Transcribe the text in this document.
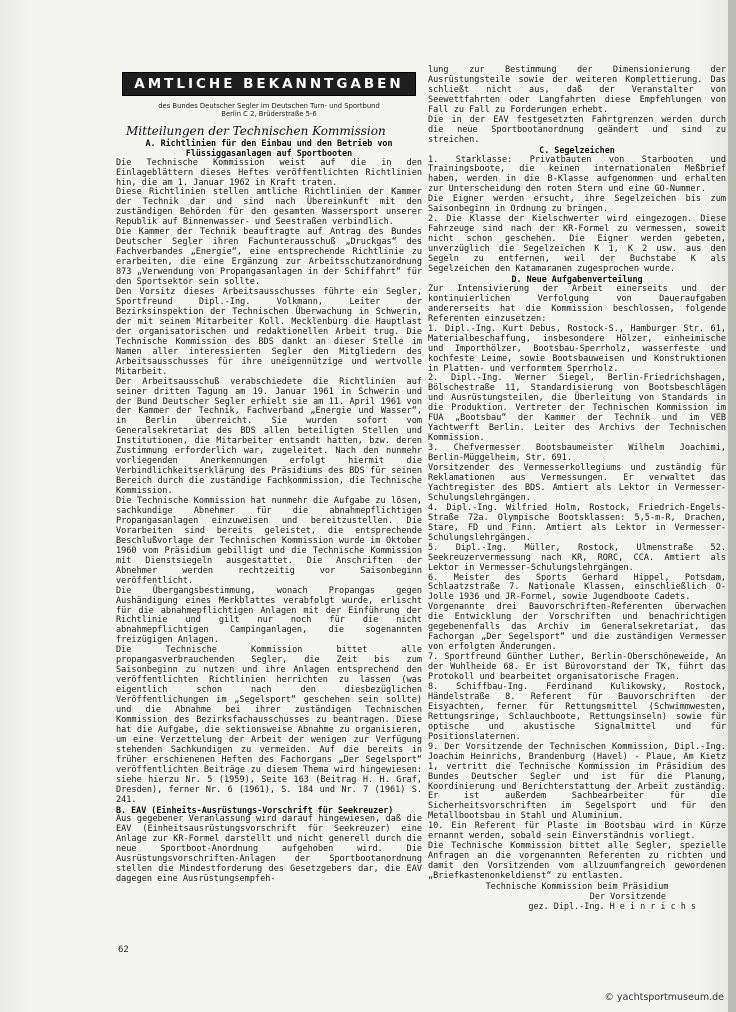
AMTLICHE BEKANNTGABEN
des Bundes Deutscher Segler im Deutschen Turn- und Sportbund
Berlin C 2, Brüderstraße 5-6
Mitteilungen der Technischen Kommission
A. Richtlinien für den Einbau und den Betrieb von Flüssiggasanlagen auf Sportbooten

Die Technische Kommission weist auf die in den Einlageblättern dieses Heftes veröffentlichten Richtlinien hin, die am 1. Januar 1962 in Kraft traten.

Diese Richtlinien stellen amtliche Richtlinien der Kammer der Technik dar und sind nach Übereinkunft mit den zuständigen Behörden für den gesamten Wassersport unserer Republik auf Binnenwasser- und Seestraßen verbindlich.

Die Kammer der Technik beauftragte auf Antrag des Bundes Deutscher Segler ihren Fachunterausschuß „Druckgas“ des Fachverbandes „Energie“, eine entsprechende Richtlinie zu erarbeiten, die eine Ergänzung zur Arbeitsschutzanordnung 873 „Verwendung von Propangasanlagen in der Schiffahrt“ für den Sportsektor sein sollte.

Den Vorsitz dieses Arbeitsausschusses führte ein Segler, Sportfreund Dipl.-Ing. Volkmann, Leiter der Bezirksinspektion der Technischen Überwachung in Schwerin, der mit seinem Mitarbeiter Koll. Mecklenburg die Hauptlast der organisatorischen und redaktionellen Arbeit trug. Die Technische Kommission des BDS dankt an dieser Stelle im Namen aller interessierten Segler den Mitgliedern des Arbeitsausschusses für ihre uneigennützige und wertvolle Mitarbeit.

Der Arbeitsausschuß verabschiedete die Richtlinien auf seiner dritten Tagung am 19. Januar 1961 in Schwerin und der Bund Deutscher Segler erhielt sie am 11. April 1961 von der Kammer der Technik, Fachverband „Energie und Wasser“, in Berlin überreicht. Sie wurden sofort vom Generalsekretariat des BDS allen beteiligten Stellen und Institutionen, die Mitarbeiter entsandt hatten, bzw. deren Zustimmung erforderlich war, zugeleitet. Nach den nunmehr vorliegenden Anerkennungen erfolgt hiermit die Verbindlichkeitserklärung des Präsidiums des BDS für seinen Bereich durch die zuständige Fachkommission, die Technische Kommission.

Die Technische Kommission hat nunmehr die Aufgabe zu lösen, sachkundige Abnehmer für die abnahmepflichtigen Propangasanlagen einzuweisen und bereitzustellen. Die Vorarbeiten sind bereits geleistet, die entsprechende Beschlußvorlage der Technischen Kommission wurde im Oktober 1960 vom Präsidium gebilligt und die Technische Kommission mit Dienstsiegeln ausgestattet. Die Anschriften der Abnehmer werden rechtzeitig vor Saisonbeginn veröffentlicht.

Die Übergangsbestimmung, wonach Propangas gegen Aushändigung eines Merkblattes verabfolgt wurde, erlischt für die abnahmepflichtigen Anlagen mit der Einführung der Richtlinie und gilt nur noch für die nicht abnahmepflichtigen Campinganlagen, die sogenannten freizügigen Anlagen.

Die Technische Kommission bittet alle propangasverbrauchenden Segler, die Zeit bis zum Saisonbeginn zu nutzen und ihre Anlagen entsprechend den veröffentlichten Richtlinien herrichten zu lassen (was eigentlich schon nach den diesbezüglichen Veröffentlichungen im „Segelsport“ geschehen sein sollte) und die Abnahme bei ihrer zuständigen Technischen Kommission des Bezirksfachausschusses zu beantragen. Diese hat die Aufgabe, die sektionsweise Abnahme zu organisieren, um eine Verzettelung der Arbeit der wenigen zur Verfügung stehenden Sachkundigen zu vermeiden. Auf die bereits in früher erschienenen Heften des Fachorgans „Der Segelsport“ veröffentlichten Beiträge zu diesem Thema wird hingewiesen: siehe hierzu Nr. 5 (1959), Seite 163 (Beitrag H. H. Graf, Dresden), ferner Nr. 6 (1961), S. 184 und Nr. 7 (1961) S. 241.

B. EAV (Einheits-Ausrüstungs-Vorschrift für Seekreuzer)

Aus gegebener Veranlassung wird darauf hingewiesen, daß die EAV (Einheitsausrüstungsvorschrift für Seekreuzer) eine Anlage zur KR-Formel darstellt und nicht generell durch die neue Sportboot-Anordnung aufgehoben wird. Die Ausrüstungsvorschriften-Anlagen der Sportbootanordnung stellen die Mindestforderung des Gesetzgebers dar, die EAV dagegen eine Ausrüstungsempfeh-

lung zur Bestimmung der Dimensionierung der Ausrüstungsteile sowie der weiteren Komplettierung. Das schließt nicht aus, daß der Veranstalter von Seewettfahrten oder Langfahrten diese Empfehlungen von Fall zu Fall zu Forderungen erhebt.

Die in der EAV festgesetzten Fahrtgrenzen werden durch die neue Sportbootanordnung geändert und sind zu streichen.

C. Segelzeichen

1. Starklasse: Privatbauten von Starbooten und Trainingsboote, die keinen internationalen Meßbrief haben, werden in die B-Klasse aufgenommen und erhalten zur Unterscheidung den roten Stern und eine GO-Nummer.

Die Eigner werden ersucht, ihre Segelzeichen bis zum Saisonbeginn in Ordnung zu bringen.

2. Die Klasse der Kielschwerter wird eingezogen. Diese Fahrzeuge sind nach der KR-Formel zu vermessen, soweit nicht schon geschehen. Die Eigner werden gebeten, unverzüglich die Segelzeichen K 1, K 2 usw. aus den Segeln zu entfernen, weil der Buchstabe K als Segelzeichen den Katamaranen zugesprochen wurde.

D. Neue Aufgabenverteilung

Zur Intensivierung der Arbeit einerseits und der kontinuierlichen Verfolgung von Daueraufgaben andererseits hat die Kommission beschlossen, folgende Referenten einzusetzen:

1. Dipl.-Ing. Kurt Debus, Rostock-S., Hamburger Str. 61, Materialbeschaffung, insbesondere Hölzer, einheimische und Importhölzer, Bootsbau-Sperrholz, wasserfeste und kochfeste Leime, sowie Bootsbauweisen und Konstruktionen in Platten- und verformtem Sperrholz.

2. Dipl.-Ing. Werner Siegel, Berlin-Friedrichshagen, Bölschestraße 11, Standardisierung von Bootsbeschlägen und Ausrüstungsteilen, die Überleitung von Standards in die Produktion. Vertreter der Technischen Kommission im FUA „Bootsbau“ der Kammer der Technik und im VEB Yachtwerft Berlin. Leiter des Archivs der Technischen Kommission.

3. Chefvermesser Bootsbaumeister Wilhelm Joachimi, Berlin-Müggelheim, Str. 691.

Vorsitzender des Vermesserkollegiums und zuständig für Reklamationen aus Vermessungen. Er verwaltet das Yachtregister des BDS. Amtiert als Lektor in Vermesser-Schulungslehrgängen.

4. Dipl.-Ing. Wilfried Holm, Rostock, Friedrich-Engels-Straße 72a. Olympische Bootsklassen: 5,5-m-R, Drachen, Stare, FD und Finn. Amtiert als Lektor in Vermesser-Schulungslehrgängen.

5. Dipl.-Ing. Müller, Rostock, Ulmenstraße 52. Seekreuzervermessung nach KR, RORC, CCA. Amtiert als Lektor in Vermesser-Schulungslehrgängen.

6. Meister des Sports Gerhard Hippel, Potsdam, Schlaatzstraße 7. Nationale Klassen, einschließlich O-Jolle 1936 und JR-Formel, sowie Jugendboote Cadets.

Vorgenannte drei Bauvorschriften-Referenten überwachen die Entwicklung der Vorschriften und benachrichtigen gegebenenfalls das Archiv im Generalsekretariat, das Fachorgan „Der Segelsport“ und die zuständigen Vermesser von erfolgten Änderungen.

7. Sportfreund Günther Luther, Berlin-Oberschöneweide, An der Wuhlheide 68. Er ist Bürovorstand der TK, führt das Protokoll und bearbeitet organisatorische Fragen.

8. Schiffbau-Ing. Ferdinand Kulikowsky, Rostock, Händelstraße 8. Referent für Bauvorschriften der Eisyachten, ferner für Rettungsmittel (Schwimmwesten, Rettungsringe, Schlauchboote, Rettungsinseln) sowie für optische und akustische Signalmittel und für Positionslaternen.

9. Der Vorsitzende der Technischen Kommission, Dipl.-Ing. Joachim Heinrichs, Brandenburg (Havel) - Plaue, Am Kietz 1, vertritt die Technische Kommission im Präsidium des Bundes Deutscher Segler und ist für die Planung, Koordinierung und Berichterstattung der Arbeit zuständig. Er ist außerdem Sachbearbeiter für die Sicherheitsvorschriften im Segelsport und für den Metallbootsbau in Stahl und Aluminium.

10. Ein Referent für Plaste im Bootsbau wird in Kürze ernannt werden, sobald sein Einverständnis vorliegt.

Die Technische Kommission bittet alle Segler, spezielle Anfragen an die vorgenannten Referenten zu richten und damit den Vorsitzenden vom allzuumfangreich gewordenen „Briefkastenonkeldienst“ zu entlasten.

Technische Kommission beim Präsidium

Der Vorsitzende

gez. Dipl.-Ing. H e i n r i c h s

62
© yachtsportmuseum.de
